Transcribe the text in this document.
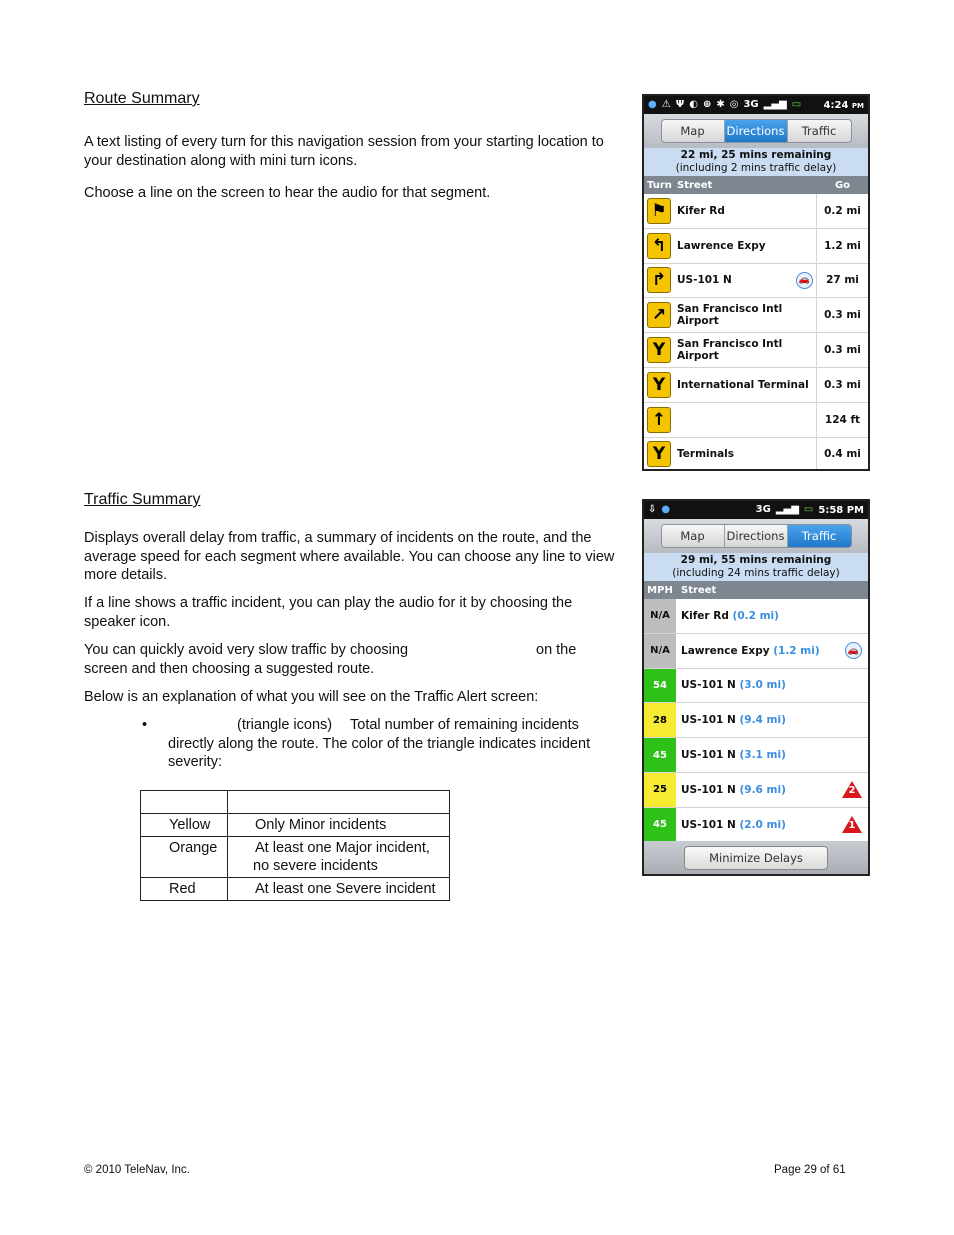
Route Summary
A text listing of every turn for this navigation session from your starting location to your destination along with mini turn icons.
Choose a line on the screen to hear the audio for that segment.
● ⚠ Ψ ◐ ⊕ ✱ ◎ 3G ▂▄▆ ▭ 4:24 PM
Map	Directions	Traffic
22 mi, 25 mins remaining
(including 2 mins traffic delay)
Turn Street	Go
⚑ Kifer Rd	0.2 mi
↰	Lawrence Expy	1.2 mi
↱	US-101 N	🚗	27 mi
↗	San Francisco Intl Airport	0.3 mi
Y	San Francisco Intl Airport	0.3 mi
Y	International Terminal	0.3 mi
↑	124 ft
Y	Terminals	0.4 mi
Traffic Summary
Displays overall delay from traffic, a summary of incidents on the route, and the average speed for each segment where available. You can choose any line to view more details.
If a line shows a traffic incident, you can play the audio for it by choosing the speaker icon.
You can quickly avoid very slow traffic by choosing	on the
screen and then choosing a suggested route.
Below is an explanation of what you will see on the Traffic Alert screen:
•	(triangle icons) Total number of remaining incidents
directly along the route. The color of the triangle indicates incident
severity:

Yellow	Only Minor incidents
Orange	At least one Major incident,
no severe incidents

Red	At least one Severe incident
⇩ ●	3G ▂▄▆ ▭ 5:58 PM
Map	Directions	Traffic
29 mi, 55 mins remaining
(including 24 mins traffic delay)
MPH Street
N/A	Kifer Rd (0.2 mi)
N/A	Lawrence Expy (1.2 mi)	🚗
54	US-101 N (3.0 mi)
28	US-101 N (9.4 mi)
45	US-101 N (3.1 mi)
25	US-101 N (9.6 mi)	2
45	US-101 N (2.0 mi)	1
Minimize Delays
© 2010 TeleNav, Inc.	Page 29 of 61
